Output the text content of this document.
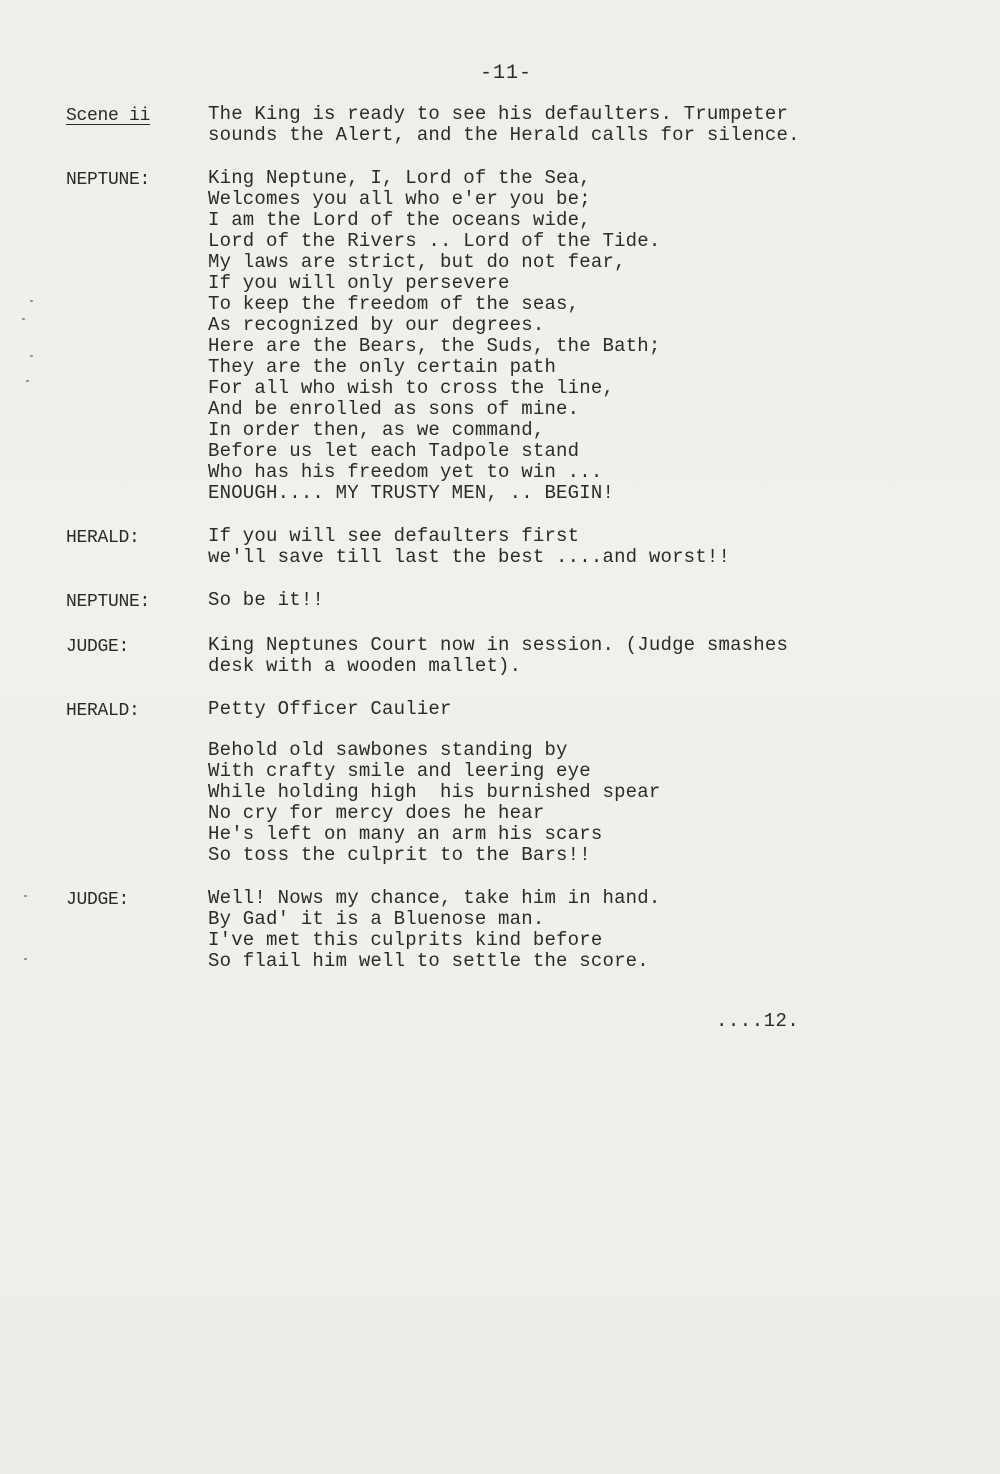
-11-
Scene ii	The King is ready to see his defaulters. Trumpeter
sounds the Alert, and the Herald calls for silence.
NEPTUNE:	King Neptune, I, Lord of the Sea,
Welcomes you all who e'er you be;
I am the Lord of the oceans wide,
Lord of the Rivers .. Lord of the Tide.
My laws are strict, but do not fear,
If you will only persevere
To keep the freedom of the seas,
As recognized by our degrees.
Here are the Bears, the Suds, the Bath;
They are the only certain path
For all who wish to cross the line,
And be enrolled as sons of mine.
In order then, as we command,
Before us let each Tadpole stand
Who has his freedom yet to win ...
ENOUGH.... MY TRUSTY MEN, .. BEGIN!
HERALD:	If you will see defaulters first
we'll save till last the best ....and worst!!
NEPTUNE:	So be it!!
JUDGE:	King Neptunes Court now in session. (Judge smashes
desk with a wooden mallet).
HERALD:	Petty Officer Caulier
Behold old sawbones standing by
With crafty smile and leering eye
While holding high  his burnished spear
No cry for mercy does he hear
He's left on many an arm his scars
So toss the culprit to the Bars!!
JUDGE:	Well! Nows my chance, take him in hand.
By Gad' it is a Bluenose man.
I've met this culprits kind before
So flail him well to settle the score.
....12.
